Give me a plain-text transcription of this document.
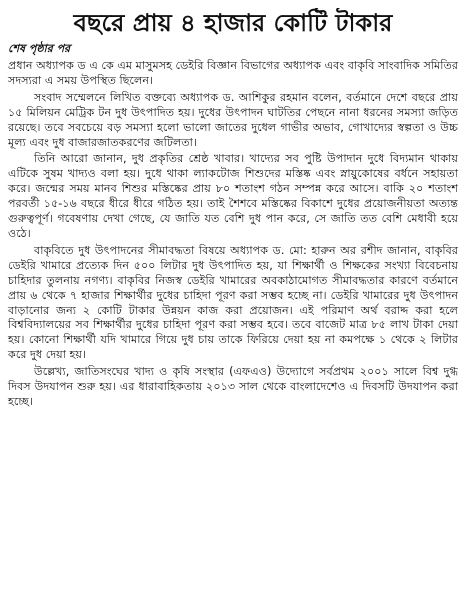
বছরে প্রায় ৪ হাজার কোটি টাকার
শেষ পৃষ্ঠার পর

প্রধান অধ্যাপক ড এ কে এম মাসুমসহ ডেইরি বিজ্ঞান বিভাগের অধ্যাপক এবং বাকৃবি সাংবাদিক সমিতির সদস্যরা এ সময় উপস্থিত ছিলেন।

সংবাদ সম্মেলনে লিখিত বক্তব্যে অধ্যাপক ড. আশিকুর রহমান বলেন, বর্তমানে দেশে বছরে প্রায় ১৫ মিলিয়ন মেট্রিক টন দুধ উৎপাদিত হয়। দুধের উৎপাদন ঘাটতির পেছনে নানা ধরনের সমস্যা জড়িত রয়েছে। তবে সবচেয়ে বড় সমস্যা হলো ভালো জাতের দুধেল গাভীর অভাব, গোখাদ্যের স্বল্পতা ও উচ্চ মূল্য এবং দুধ বাজারজাতকরণের জটিলতা।

তিনি আরো জানান, দুধ প্রকৃতির শ্রেষ্ঠ খাবার। খাদ্যের সব পুষ্টি উপাদান দুধে বিদ্যমান থাকায় এটিকে সুষম খাদ্যও বলা হয়। দুধে থাকা ল্যাকটোজ শিশুদের মস্তিষ্ক এবং স্নায়ুকোষের বর্ধনে সহায়তা করে। জন্মের সময় মানব শিশুর মস্তিষ্কের প্রায় ৮০ শতাংশ গঠন সম্পন্ন করে আসে। বাকি ২০ শতাংশ পরবর্তী ১৫-১৬ বছরে ধীরে ধীরে গঠিত হয়। তাই শৈশবে মস্তিষ্কের বিকাশে দুধের প্রয়োজনীয়তা অত্যন্ত গুরুত্বপূর্ণ। গবেষণায় দেখা গেছে, যে জাতি যত বেশি দুধ পান করে, সে জাতি তত বেশি মেধাবী হয়ে ওঠে।

বাকৃবিতে দুধ উৎপাদনের সীমাবদ্ধতা বিষয়ে অধ্যাপক ড. মো: হারুন অর রশীদ জানান, বাকৃবির ডেইরি খামারে প্রত্যেক দিন ৫০০ লিটার দুধ উৎপাদিত হয়, যা শিক্ষার্থী ও শিক্ষকের সংখ্যা বিবেচনায় চাহিদার তুলনায় নগণ্য। বাকৃবির নিজস্ব ডেইরি খামারের অবকাঠামোগত সীমাবদ্ধতার কারণে বর্তমানে প্রায় ৬ থেকে ৭ হাজার শিক্ষার্থীর দুধের চাহিদা পূরণ করা সম্ভব হচ্ছে না। ডেইরি খামারের দুধ উৎপাদন বাড়ানোর জন্য ২ কোটি টাকার উন্নয়ন কাজ করা প্রয়োজন। এই পরিমাণ অর্থ বরাদ্দ করা হলে বিশ্ববিদ্যালয়ের সব শিক্ষার্থীর দুধের চাহিদা পূরণ করা সম্ভব হবে। তবে বাজেট মাত্র ৮৫ লাখ টাকা দেয়া হয়। কোনো শিক্ষার্থী যদি খামারে গিয়ে দুধ চায় তাকে ফিরিয়ে দেয়া হয় না কমপক্ষে ১ থেকে ২ লিটার করে দুধ দেয়া হয়।

উল্লেখ্য, জাতিসংঘের খাদ্য ও কৃষি সংস্থার (এফএও) উদ্যোগে সর্বপ্রথম ২০০১ সালে বিশ্ব দুগ্ধ দিবস উদযাপন শুরু হয়। এর ধারাবাহিকতায় ২০১৩ সাল থেকে বাংলাদেশেও এ দিবসটি উদযাপন করা হচ্ছে।
